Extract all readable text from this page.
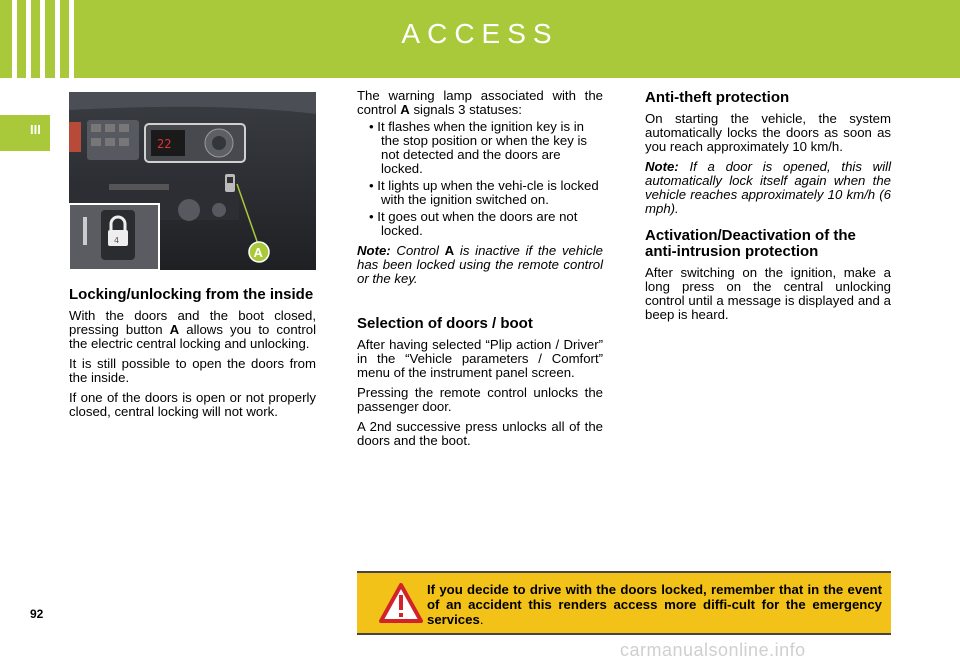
ACCESS
III
22
4
A
Locking/unlocking from the inside

With the doors and the boot closed, pressing button A allows you to control the electric central locking and unlocking.

It is still possible to open the doors from the inside.

If one of the doors is open or not properly closed, central locking will not work.

The warning lamp associated with the control A signals 3 statuses:

• It flashes when the ignition key is in the stop position or when the key is not detected and the doors are locked.
• It lights up when the vehi-cle is locked with the ignition switched on.
• It goes out when the doors are not locked.

Note: Control A is inactive if the vehicle has been locked using the remote control or the key.

Selection of doors / boot

After having selected “Plip action / Driver” in the “Vehicle parameters / Comfort” menu of the instrument panel screen.

Pressing the remote control unlocks the passenger door.

A 2nd successive press unlocks all of the doors and the boot.

Anti-theft protection

On starting the vehicle, the system automatically locks the doors as soon as you reach approximately 10 km/h.

Note: If a door is opened, this will automatically lock itself again when the vehicle reaches approximately 10 km/h (6 mph).

Activation/Deactivation of the anti-intrusion protection

After switching on the ignition, make a long press on the central unlocking control until a message is displayed and a beep is heard.

If you decide to drive with the doors locked, remember that in the event of an accident this renders access more diffi-cult for the emergency services.
92
carmanualsonline.info
